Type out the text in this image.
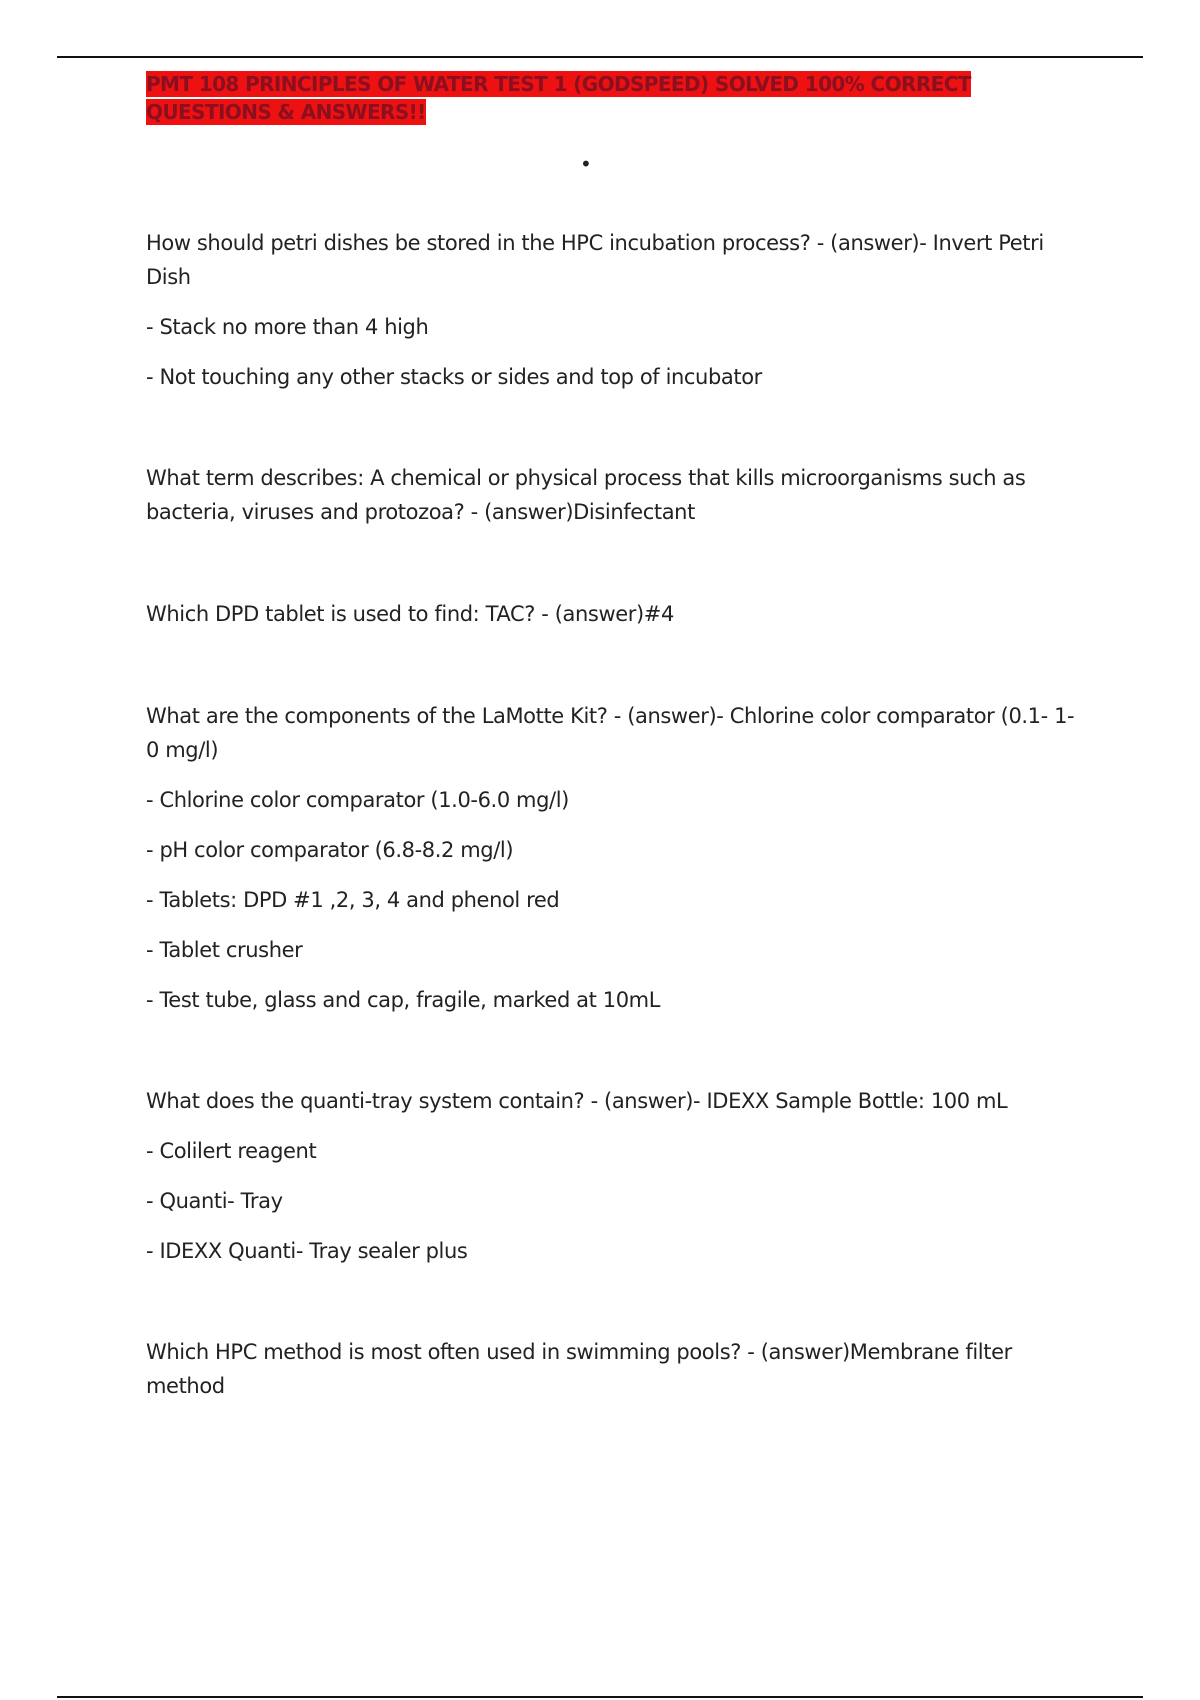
PMT 108 PRINCIPLES OF WATER TEST 1 (GODSPEED) SOLVED 100% CORRECT QUESTIONS & ANSWERS!!
•

How should petri dishes be stored in the HPC incubation process? - (answer)- Invert Petri Dish

- Stack no more than 4 high

- Not touching any other stacks or sides and top of incubator

What term describes: A chemical or physical process that kills microorganisms such as bacteria, viruses and protozoa? - (answer)Disinfectant

Which DPD tablet is used to find: TAC? - (answer)#4

What are the components of the LaMotte Kit? - (answer)- Chlorine color comparator (0.1- 1-0 mg/l)

- Chlorine color comparator (1.0-6.0 mg/l)

- pH color comparator (6.8-8.2 mg/l)

- Tablets: DPD #1 ,2, 3, 4 and phenol red

- Tablet crusher

- Test tube, glass and cap, fragile, marked at 10mL

What does the quanti-tray system contain? - (answer)- IDEXX Sample Bottle: 100 mL

- Colilert reagent

- Quanti- Tray

- IDEXX Quanti- Tray sealer plus

Which HPC method is most often used in swimming pools? - (answer)Membrane filter method
